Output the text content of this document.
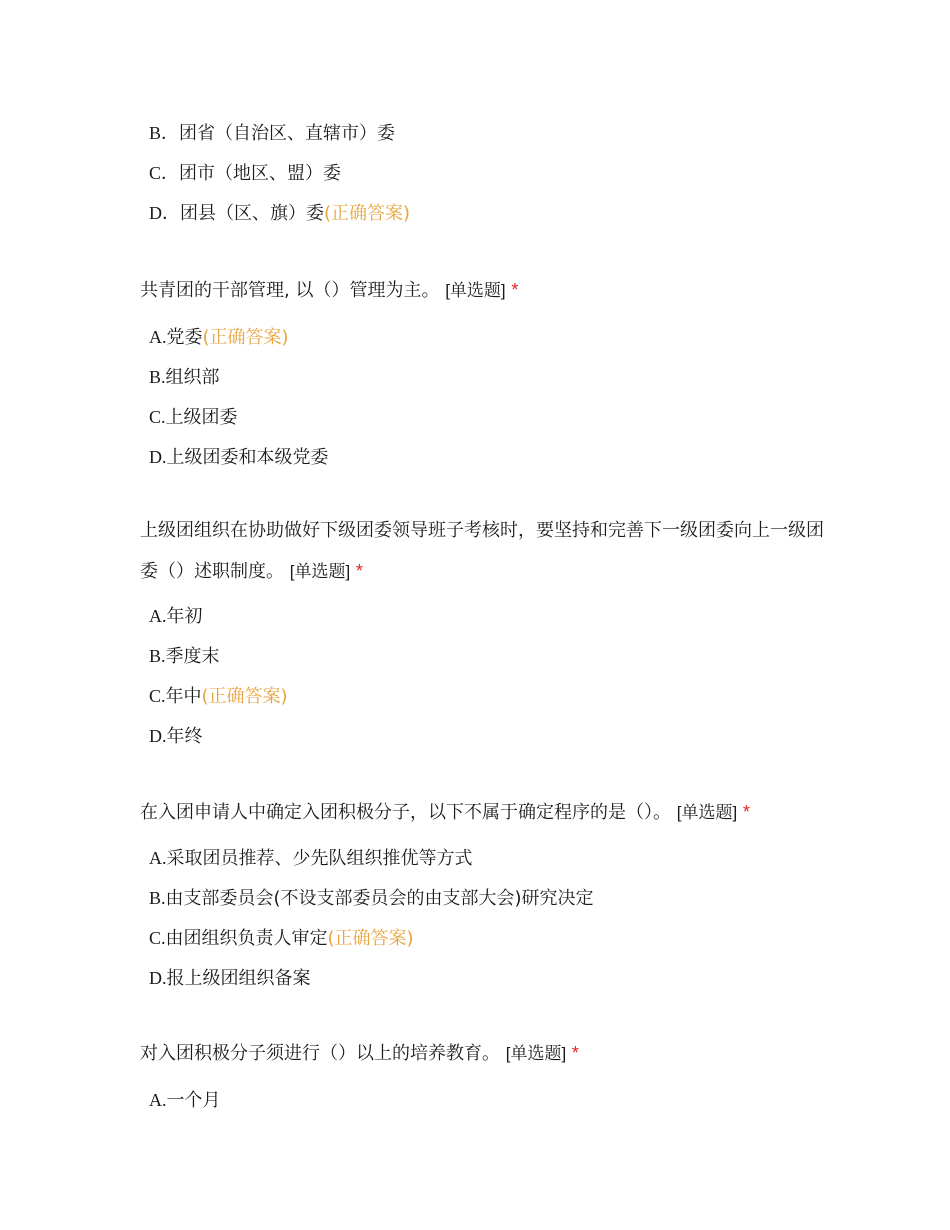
B．团省（自治区、直辖市）委
C．团市（地区、盟）委
D．团县（区、旗）委(正确答案)

共青团的干部管理, 以（）管理为主。 [单选题] *

A.党委(正确答案)
B.组织部
C.上级团委
D.上级团委和本级党委

上级团组织在协助做好下级团委领导班子考核时，要坚持和完善下一级团委向上一级团委（）述职制度。 [单选题] *

A.年初
B.季度末
C.年中(正确答案)
D.年终

在入团申请人中确定入团积极分子，以下不属于确定程序的是（）。 [单选题] *

A.采取团员推荐、少先队组织推优等方式
B.由支部委员会(不设支部委员会的由支部大会)研究决定
C.由团组织负责人审定(正确答案)
D.报上级团组织备案

对入团积极分子须进行（）以上的培养教育。 [单选题] *

A.一个月
